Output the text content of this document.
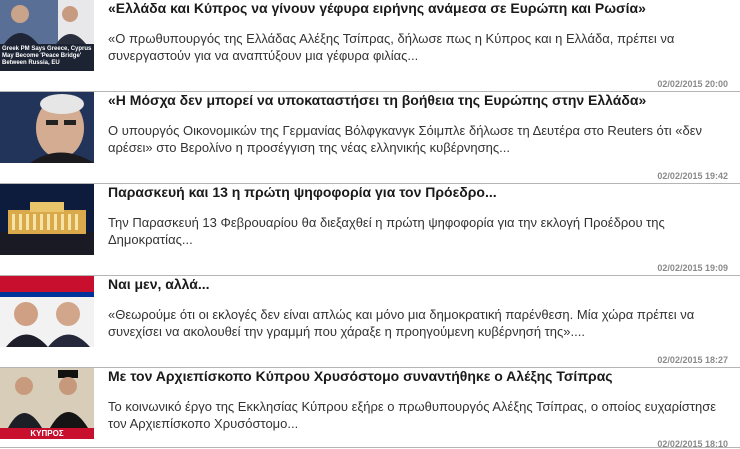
Greek PM Says Greece, Cyprus May Become 'Peace Bridge' Between Russia, EU
«Ελλάδα και Κύπρος να γίνουν γέφυρα ειρήνης ανάμεσα σε Ευρώπη και Ρωσία»
«Ο πρωθυπουργός της Ελλάδας Αλέξης Τσίπρας, δήλωσε πως η Κύπρος και η Ελλάδα, πρέπει να συνεργαστούν για να αναπτύξουν μια γέφυρα φιλίας...
02/02/2015 20:00
«Η Μόσχα δεν μπορεί να υποκαταστήσει τη βοήθεια της Ευρώπης στην Ελλάδα»
Ο υπουργός Οικονομικών της Γερμανίας Βόλφγκανγκ Σόιμπλε δήλωσε τη Δευτέρα στο Reuters ότι «δεν αρέσει» στο Βερολίνο η προσέγγιση της νέας ελληνικής κυβέρνησης...
02/02/2015 19:42
Παρασκευή και 13 η πρώτη ψηφοφορία για τον Πρόεδρο...
Την Παρασκευή 13 Φεβρουαρίου θα διεξαχθεί η πρώτη ψηφοφορία για την εκλογή Προέδρου της Δημοκρατίας...
02/02/2015 19:09
Ναι μεν, αλλά...
«Θεωρούμε ότι οι εκλογές δεν είναι απλώς και μόνο μια δημοκρατική παρένθεση. Μία χώρα πρέπει να συνεχίσει να ακολουθεί την γραμμή που χάραξε η προηγούμενη κυβέρνησή της»....
02/02/2015 18:27
ΚΥΠΡΟΣ
Με τον Αρχιεπίσκοπο Κύπρου Χρυσόστομο συναντήθηκε ο Αλέξης Τσίπρας
Το κοινωνικό έργο της Εκκλησίας Κύπρου εξήρε ο πρωθυπουργός Αλέξης Τσίπρας, ο οποίος ευχαρίστησε τον Αρχιεπίσκοπο Χρυσόστομο...
02/02/2015 18:10
